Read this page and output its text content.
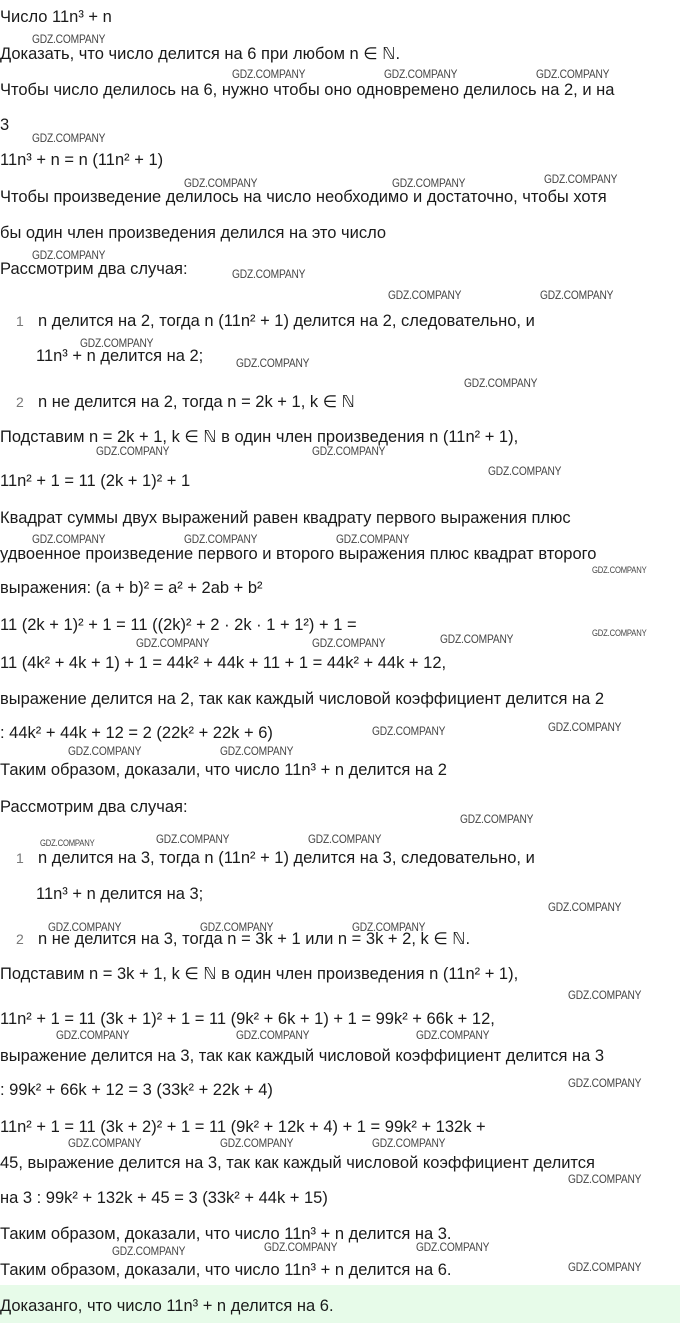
Число 11n³ + n
Доказать, что число делится на 6 при любом n ∈ ℕ.
Чтобы число делилось на 6, нужно чтобы оно одновремено делилось на 2, и на
3
11n³ + n = n (11n² + 1)
Чтобы произведение делилось на число необходимо и достаточно, чтобы хотя
бы один член произведения делился на это число
Рассмотрим два случая:
1 n делится на 2, тогда n (11n² + 1) делится на 2, следовательно, и
11n³ + n делится на 2;
2 n не делится на 2, тогда n = 2k + 1, k ∈ ℕ
Подставим n = 2k + 1, k ∈ ℕ в один член произведения n (11n² + 1),
11n² + 1 = 11 (2k + 1)² + 1
Квадрат суммы двух выражений равен квадрату первого выражения плюс
удвоенное произведение первого и второго выражения плюс квадрат второго
выражения: (a + b)² = a² + 2ab + b²
11 (2k + 1)² + 1 = 11 ((2k)² + 2 · 2k · 1 + 1²) + 1 =
11 (4k² + 4k + 1) + 1 = 44k² + 44k + 11 + 1 = 44k² + 44k + 12,
выражение делится на 2, так как каждый числовой коэффициент делится на 2
: 44k² + 44k + 12 = 2 (22k² + 22k + 6)
Таким образом, доказали, что число 11n³ + n делится на 2
Рассмотрим два случая:
1 n делится на 3, тогда n (11n² + 1) делится на 3, следовательно, и
11n³ + n делится на 3;
2 n не делится на 3, тогда n = 3k + 1 или n = 3k + 2, k ∈ ℕ.
Подставим n = 3k + 1, k ∈ ℕ в один член произведения n (11n² + 1),
11n² + 1 = 11 (3k + 1)² + 1 = 11 (9k² + 6k + 1) + 1 = 99k² + 66k + 12,
выражение делится на 3, так как каждый числовой коэффициент делится на 3
: 99k² + 66k + 12 = 3 (33k² + 22k + 4)
11n² + 1 = 11 (3k + 2)² + 1 = 11 (9k² + 12k + 4) + 1 = 99k² + 132k +
45, выражение делится на 3, так как каждый числовой коэффициент делится
на 3 : 99k² + 132k + 45 = 3 (33k² + 44k + 15)
Таким образом, доказали, что число 11n³ + n делится на 3.
Таким образом, доказали, что число 11n³ + n делится на 6.
Доказанго, что число 11n³ + n делится на 6.
GDZ.COMPANY
GDZ.COMPANY	GDZ.COMPANY	GDZ.COMPANY
GDZ.COMPANY
GDZ.COMPANY	GDZ.COMPANY	GDZ.COMPANY
GDZ.COMPANY
GDZ.COMPANY
GDZ.COMPANY	GDZ.COMPANY
GDZ.COMPANY
GDZ.COMPANY
GDZ.COMPANY
GDZ.COMPANY	GDZ.COMPANY
GDZ.COMPANY
GDZ.COMPANY	GDZ.COMPANY	GDZ.COMPANY
GDZ.COMPANY	GDZ.COMPANY	GDZ.COMPANY
GDZ.COMPANY	GDZ.COMPANY
GDZ.COMPANY	GDZ.COMPANY
GDZ.COMPANY	GDZ.COMPANY
GDZ.COMPANY
GDZ.COMPANY
GDZ.COMPANY	GDZ.COMPANY	GDZ.COMPANY
GDZ.COMPANY
GDZ.COMPANY	GDZ.COMPANY	GDZ.COMPANY
GDZ.COMPANY
GDZ.COMPANY	GDZ.COMPANY	GDZ.COMPANY
GDZ.COMPANY
GDZ.COMPANY	GDZ.COMPANY	GDZ.COMPANY
GDZ.COMPANY
GDZ.COMPANY
GDZ.COMPANY
GDZ.COMPANY
